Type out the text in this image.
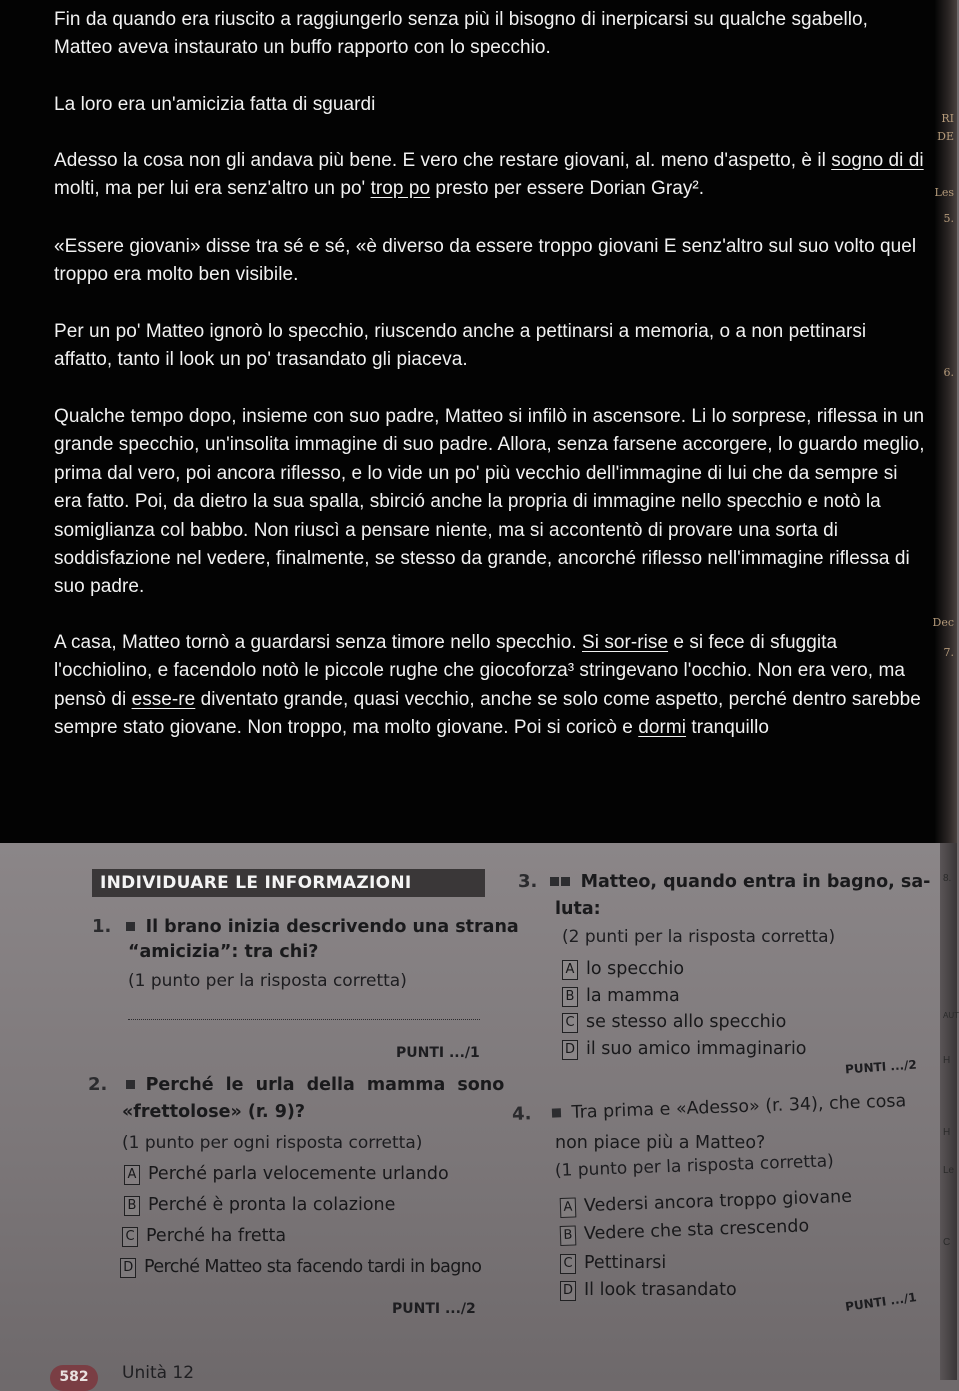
Fin da quando era riuscito a raggiungerlo senza più il bisogno di inerpicarsi su qualche sgabello, Matteo aveva instaurato un buffo rapporto con lo specchio.

La loro era un'amicizia fatta di sguardi

Adesso la cosa non gli andava più bene. E vero che restare giovani, al. meno d'aspetto, è il sogno di di molti, ma per lui era senz'altro un po' trop po presto per essere Dorian Gray².

«Essere giovani» disse tra sé e sé, «è diverso da essere troppo giovani E senz'altro sul suo volto quel troppo era molto ben visibile.

Per un po' Matteo ignorò lo specchio, riuscendo anche a pettinarsi a memoria, o a non pettinarsi affatto, tanto il look un po' trasandato gli piaceva.

Qualche tempo dopo, insieme con suo padre, Matteo si infilò in ascensore. Li lo sorprese, riflessa in un grande specchio, un'insolita immagine di suo padre. Allora, senza farsene accorgere, lo guardo meglio, prima dal vero, poi ancora riflesso, e lo vide un po' più vecchio dell'immagine di lui che da sempre si era fatto. Poi, da dietro la sua spalla, sbirció anche la propria di immagine nello specchio e notò la somiglianza col babbo. Non riuscì a pensare niente, ma si accontentò di provare una sorta di soddisfazione nel vedere, finalmente, se stesso da grande, ancorché riflesso nell'immagine riflessa di suo padre.

A casa, Matteo tornò a guardarsi senza timore nello specchio. Si sor-rise e si fece di sfuggita l'occhiolino, e facendolo notò le piccole rughe che giocoforza³ stringevano l'occhio. Non era vero, ma pensò di esse-re diventato grande, quasi vecchio, anche se solo come aspetto, perché dentro sarebbe sempre stato giovane. Non troppo, ma molto giovane. Poi si coricò e dormi tranquillo

RI
DE
Les
5.
6.
Dec
7.
INDIVIDUARE LE INFORMAZIONI
1. Il brano inizia descrivendo una strana
“amicizia”: tra chi?
(1 punto per la risposta corretta)
PUNTI .../1
2. Perché le urla della mamma sono
«frettolose» (r. 9)?
(1 punto per ogni risposta corretta)
A Perché parla velocemente urlando
B Perché è pronta la colazione
C Perché ha fretta
D Perché Matteo sta facendo tardi in bagno
PUNTI .../2
3. Matteo, quando entra in bagno, sa-
luta:
(2 punti per la risposta corretta)
A lo specchio
B la mamma
C se stesso allo specchio
D il suo amico immaginario
PUNTI .../2
4. Tra prima e «Adesso» (r. 34), che cosa
non piace più a Matteo?
(1 punto per la risposta corretta)
A Vedersi ancora troppo giovane
B Vedere che sta crescendo
C Pettinarsi
D Il look trasandato
PUNTI .../1
582	Unità 12
8.
AUT
H
H
Le
C
